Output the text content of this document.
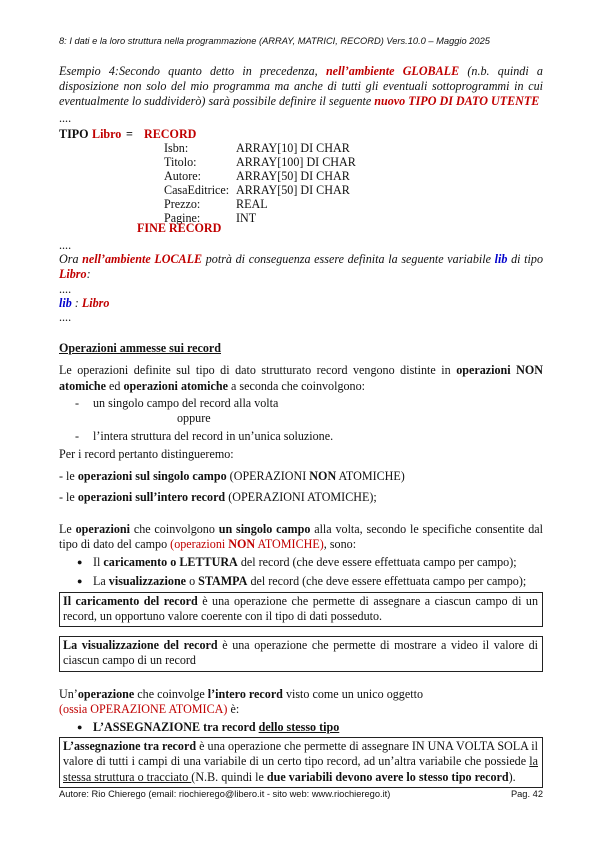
8: I dati e la loro struttura nella programmazione (ARRAY, MATRICI, RECORD) Vers.10.0 – Maggio 2025

Esempio 4:Secondo quanto detto in precedenza, nell’ambiente GLOBALE (n.b. quindi a disposizione non solo del mio programma ma anche di tutti gli eventuali sottoprogrammi in cui eventualmente lo suddividerò) sarà possibile definire il seguente nuovo TIPO DI DATO UTENTE

....

TIPO Libro = RECORD
Isbn:	ARRAY[10] DI CHAR
Titolo:	ARRAY[100] DI CHAR
Autore:	ARRAY[50] DI CHAR
CasaEditrice: ARRAY[50] DI CHAR
Prezzo:	REAL
Pagine:	INT
FINE RECORD

....

Ora nell’ambiente LOCALE potrà di conseguenza essere definita la seguente variabile lib di tipo Libro:

....

lib : Libro

....

Operazioni ammesse sui record

Le operazioni definite sul tipo di dato strutturato record vengono distinte in operazioni NON atomiche ed operazioni atomiche a seconda che coinvolgono:

- un singolo campo del record alla volta

oppure

- l’intera struttura del record in un’unica soluzione.

Per i record pertanto distingueremo:

- le operazioni sul singolo campo (OPERAZIONI NON ATOMICHE)

- le operazioni sull’intero record (OPERAZIONI ATOMICHE);

Le operazioni che coinvolgono un singolo campo alla volta, secondo le specifiche consentite dal tipo di dato del campo (operazioni NON ATOMICHE), sono:

● Il caricamento o LETTURA del record (che deve essere effettuata campo per campo);

● La visualizzazione o STAMPA del record (che deve essere effettuata campo per campo);

Il caricamento del record è una operazione che permette di assegnare a ciascun campo di un record, un opportuno valore coerente con il tipo di dati posseduto.
La visualizzazione del record è una operazione che permette di mostrare a video il valore di ciascun campo di un record

Un’operazione che coinvolge l’intero record visto come un unico oggetto
(ossia OPERAZIONE ATOMICA) è:

● L’ASSEGNAZIONE tra record dello stesso tipo

L’assegnazione tra record è una operazione che permette di assegnare IN UNA VOLTA SOLA il valore di tutti i campi di una variabile di un certo tipo record, ad un’altra variabile che possiede la stessa struttura o tracciato (N.B. quindi le due variabili devono avere lo stesso tipo record).
Autore: Rio Chierego (email: riochierego@libero.it - sito web: www.riochierego.it)	Pag. 42
